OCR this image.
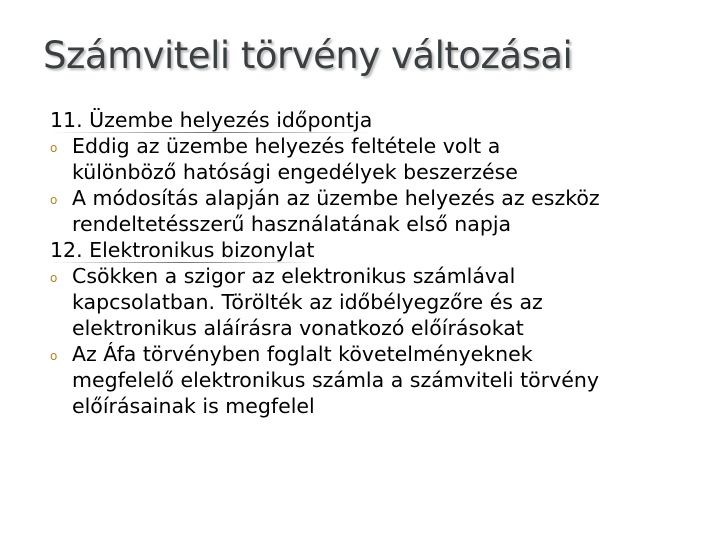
Számviteli törvény változásai
11. Üzembe helyezés időpontja
o Eddig az üzembe helyezés feltétele volt a
különböző hatósági engedélyek beszerzése
o A módosítás alapján az üzembe helyezés az eszköz
rendeltetésszerű használatának első napja
12. Elektronikus bizonylat
o Csökken a szigor az elektronikus számlával
kapcsolatban. Törölték az időbélyegzőre és az
elektronikus aláírásra vonatkozó előírásokat
o Az Áfa törvényben foglalt követelményeknek
megfelelő elektronikus számla a számviteli törvény
előírásainak is megfelel
